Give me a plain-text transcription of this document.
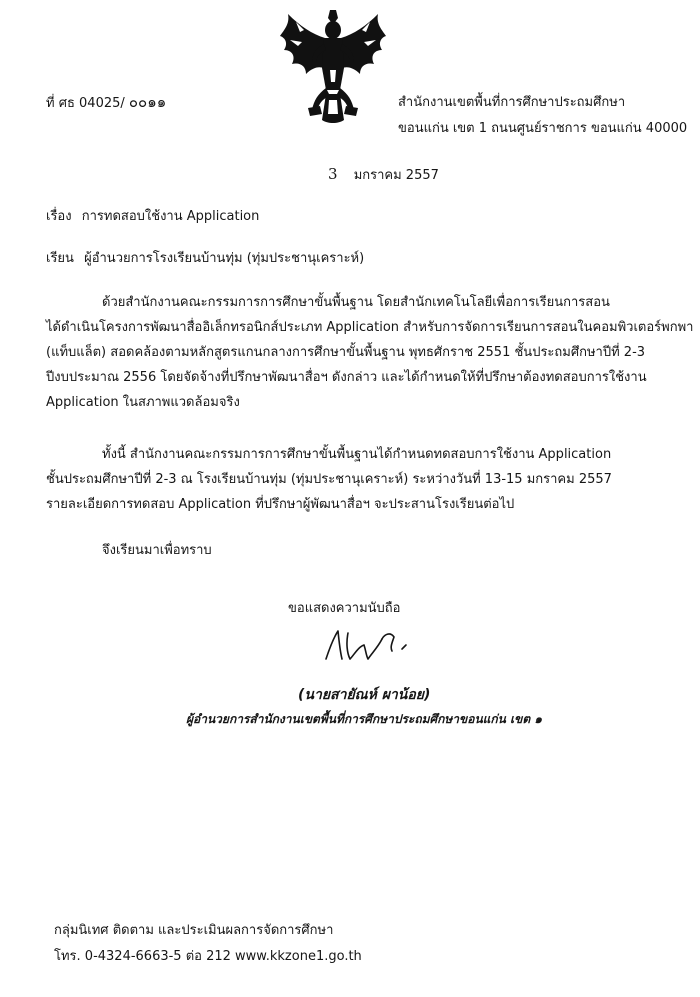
ที่ ศธ 04025/ ๐๐๑๑	สำนักงานเขตพื้นที่การศึกษาประถมศึกษา
ขอนแก่น เขต 1 ถนนศูนย์ราชการ ขอนแก่น 40000
3 มกราคม 2557
เรื่อง การทดสอบใช้งาน Application
เรียน ผู้อำนวยการโรงเรียนบ้านทุ่ม (ทุ่มประชานุเคราะห์)
ด้วยสำนักงานคณะกรรมการการศึกษาขั้นพื้นฐาน โดยสำนักเทคโนโลยีเพื่อการเรียนการสอน
ได้ดำเนินโครงการพัฒนาสื่ออิเล็กทรอนิกส์ประเภท Application สำหรับการจัดการเรียนการสอนในคอมพิวเตอร์พกพา
(แท็บแล็ต) สอดคล้องตามหลักสูตรแกนกลางการศึกษาขั้นพื้นฐาน พุทธศักราช 2551 ชั้นประถมศึกษาปีที่ 2-3
ปีงบประมาณ 2556 โดยจัดจ้างที่ปรึกษาพัฒนาสื่อฯ ดังกล่าว และได้กำหนดให้ที่ปรึกษาต้องทดสอบการใช้งาน
Application ในสภาพแวดล้อมจริง
ทั้งนี้ สำนักงานคณะกรรมการการศึกษาขั้นพื้นฐานได้กำหนดทดสอบการใช้งาน Application
ชั้นประถมศึกษาปีที่ 2-3 ณ โรงเรียนบ้านทุ่ม (ทุ่มประชานุเคราะห์) ระหว่างวันที่ 13-15 มกราคม 2557
รายละเอียดการทดสอบ Application ที่ปรึกษาผู้พัฒนาสื่อฯ จะประสานโรงเรียนต่อไป
จึงเรียนมาเพื่อทราบ
ขอแสดงความนับถือ
(นายสายัณห์ ผาน้อย)
ผู้อำนวยการสำนักงานเขตพื้นที่การศึกษาประถมศึกษาขอนแก่น เขต ๑
กลุ่มนิเทศ ติดตาม และประเมินผลการจัดการศึกษา
โทร. 0-4324-6663-5 ต่อ 212 www.kkzone1.go.th
